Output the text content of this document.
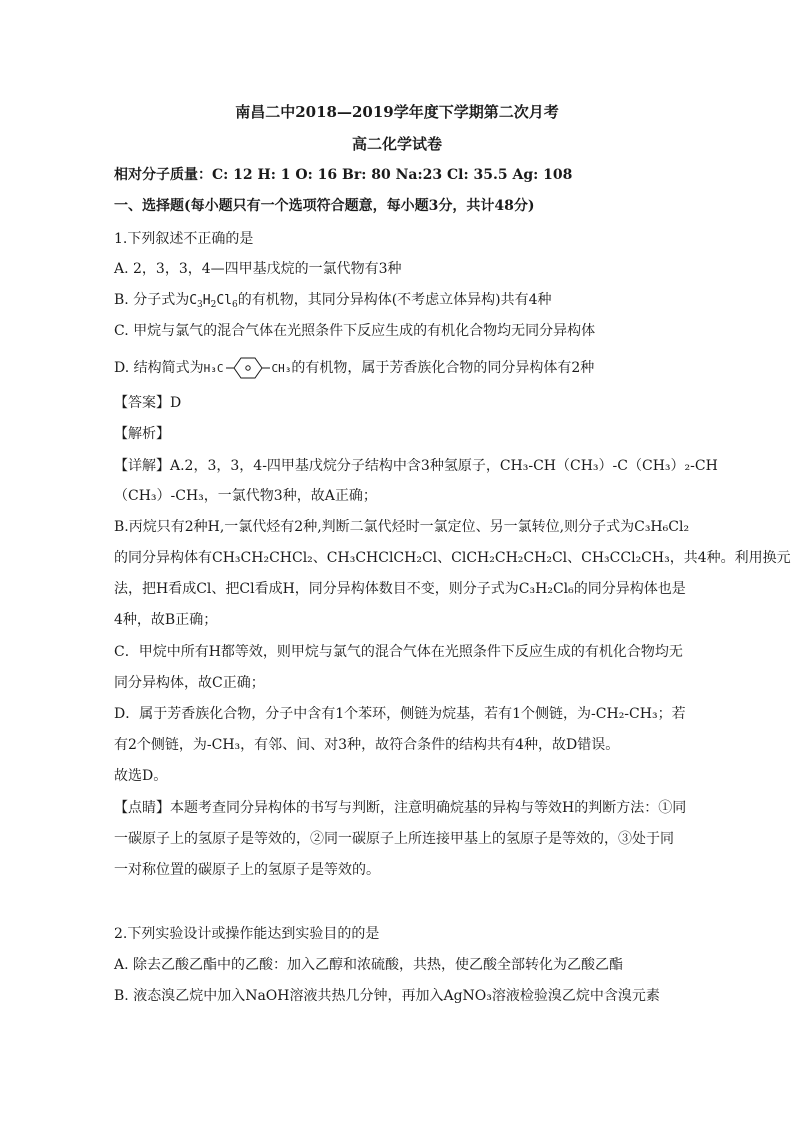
南昌二中2018—2019学年度下学期第二次月考
高二化学试卷
相对分子质量：C: 12 H: 1 O: 16 Br: 80 Na:23 Cl: 35.5 Ag: 108
一、选择题(每小题只有一个选项符合题意，每小题3分，共计48分)
1.下列叙述不正确的是
A. 2，3，3，4—四甲基戊烷的一氯代物有3种
B. 分子式为$C_3H_2Cl_6$的有机物，其同分异构体(不考虑立体异构)共有4种
C. 甲烷与氯气的混合气体在光照条件下反应生成的有机化合物均无同分异构体
D. 结构简式为H₃C	CH₃的有机物，属于芳香族化合物的同分异构体有2种
【答案】D
【解析】
【详解】A.2，3，3，4-四甲基戊烷分子结构中含3种氢原子，CH₃-CH（CH₃）-C（CH₃）₂-CH
（CH₃）-CH₃，一氯代物3种，故A正确；
B.丙烷只有2种H,一氯代烃有2种,判断二氯代烃时一氯定位、另一氯转位,则分子式为C₃H₆Cl₂
的同分异构体有CH₃CH₂CHCl₂、CH₃CHClCH₂Cl、ClCH₂CH₂CH₂Cl、CH₃CCl₂CH₃，共4种。利用换元
法，把H看成Cl、把Cl看成H，同分异构体数目不变，则分子式为C₃H₂Cl₆的同分异构体也是
4种，故B正确；
C．甲烷中所有H都等效，则甲烷与氯气的混合气体在光照条件下反应生成的有机化合物均无
同分异构体，故C正确；
D．属于芳香族化合物，分子中含有1个苯环，侧链为烷基，若有1个侧链，为-CH₂-CH₃；若
有2个侧链，为-CH₃，有邻、间、对3种，故符合条件的结构共有4种，故D错误。
故选D。
【点睛】本题考查同分异构体的书写与判断，注意明确烷基的异构与等效H的判断方法：①同
一碳原子上的氢原子是等效的，②同一碳原子上所连接甲基上的氢原子是等效的，③处于同
一对称位置的碳原子上的氢原子是等效的。
2.下列实验设计或操作能达到实验目的的是
A. 除去乙酸乙酯中的乙酸：加入乙醇和浓硫酸，共热，使乙酸全部转化为乙酸乙酯
B. 液态溴乙烷中加入NaOH溶液共热几分钟，再加入AgNO₃溶液检验溴乙烷中含溴元素
